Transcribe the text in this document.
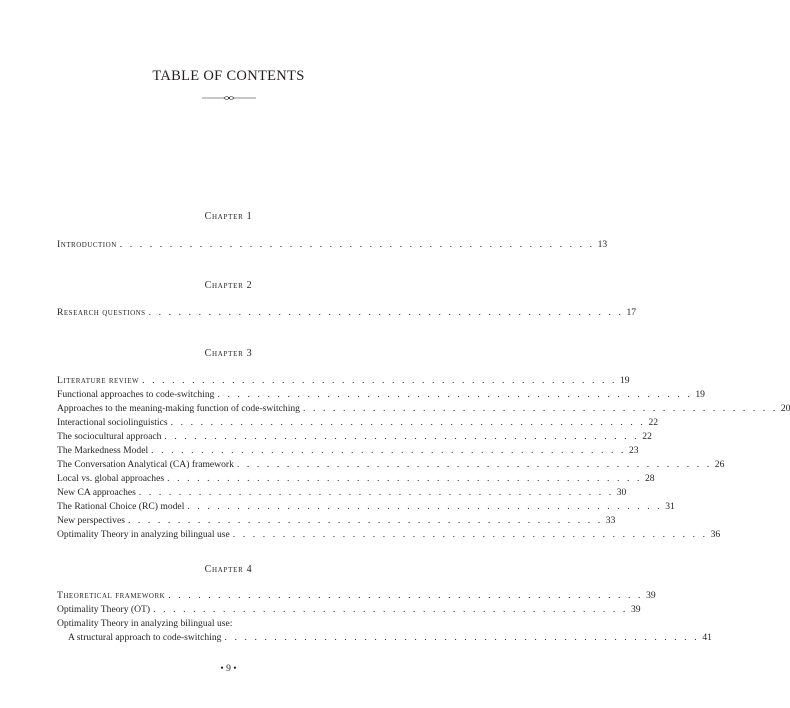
TABLE OF CONTENTS
Chapter 1
Introduction . . . . . . . . . . . . . . . . . . . . . . . . . . . . . . . . . . . . . . . . . . . . . . . . 13
Chapter 2
Research questions . . . . . . . . . . . . . . . . . . . . . . . . . . . . . . . . . . . . . . . . . . . . . . . . 17
Chapter 3
Literature review . . . . . . . . . . . . . . . . . . . . . . . . . . . . . . . . . . . . . . . . . . . . . . . . 19
Functional approaches to code-switching . . . . . . . . . . . . . . . . . . . . . . . . . . . . . . . . . . . . . . . . . . . . . . . . 19
Approaches to the meaning-making function of code-switching . . . . . . . . . . . . . . . . . . . . . . . . . . . . . . . . . . . . . . . . . . . . . . . . 20
Interactional sociolinguistics . . . . . . . . . . . . . . . . . . . . . . . . . . . . . . . . . . . . . . . . . . . . . . . . 22
The sociocultural approach . . . . . . . . . . . . . . . . . . . . . . . . . . . . . . . . . . . . . . . . . . . . . . . . 22
The Markedness Model . . . . . . . . . . . . . . . . . . . . . . . . . . . . . . . . . . . . . . . . . . . . . . . . 23
The Conversation Analytical (CA) framework . . . . . . . . . . . . . . . . . . . . . . . . . . . . . . . . . . . . . . . . . . . . . . . . 26
Local vs. global approaches . . . . . . . . . . . . . . . . . . . . . . . . . . . . . . . . . . . . . . . . . . . . . . . . 28
New CA approaches . . . . . . . . . . . . . . . . . . . . . . . . . . . . . . . . . . . . . . . . . . . . . . . . 30
The Rational Choice (RC) model . . . . . . . . . . . . . . . . . . . . . . . . . . . . . . . . . . . . . . . . . . . . . . . . 31
New perspectives . . . . . . . . . . . . . . . . . . . . . . . . . . . . . . . . . . . . . . . . . . . . . . . . 33
Optimality Theory in analyzing bilingual use . . . . . . . . . . . . . . . . . . . . . . . . . . . . . . . . . . . . . . . . . . . . . . . . 36
Chapter 4
Theoretical framework . . . . . . . . . . . . . . . . . . . . . . . . . . . . . . . . . . . . . . . . . . . . . . . . 39
Optimality Theory (OT) . . . . . . . . . . . . . . . . . . . . . . . . . . . . . . . . . . . . . . . . . . . . . . . . 39
Optimality Theory in analyzing bilingual use:
A structural approach to code-switching . . . . . . . . . . . . . . . . . . . . . . . . . . . . . . . . . . . . . . . . . . . . . . . . 41
• 9 •
